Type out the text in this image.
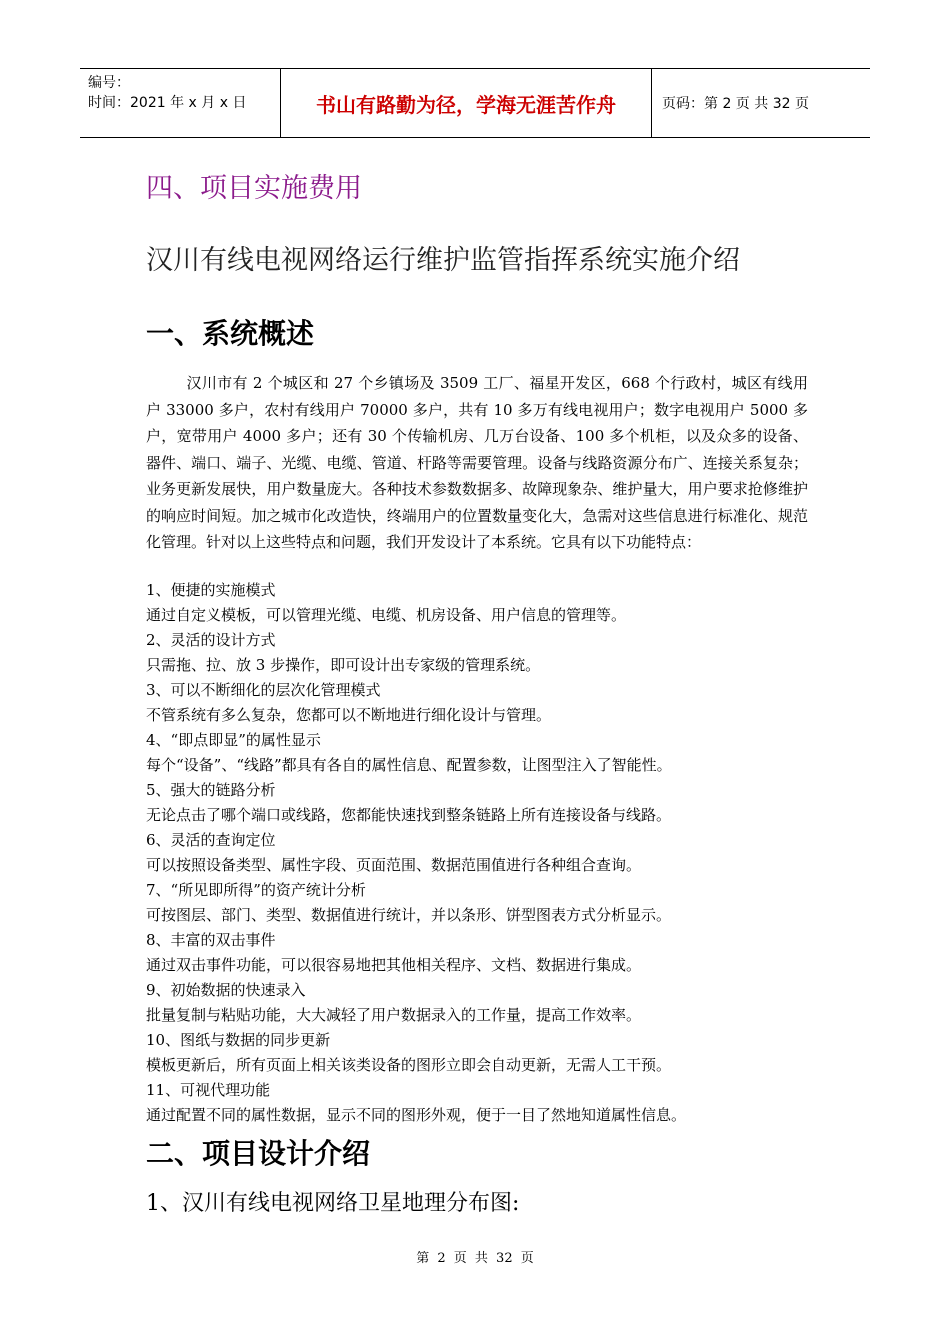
编号：
时间：2021 年 x 月 x 日	书山有路勤为径，学海无涯苦作舟	页码：第 2 页 共 32 页
四、项目实施费用
汉川有线电视网络运行维护监管指挥系统实施介绍
一、系统概述

汉川市有 2 个城区和 27 个乡镇场及 3509 工厂、福星开发区，668 个行政村，城区有线用户 33000 多户，农村有线用户 70000 多户，共有 10 多万有线电视用户；数字电视用户 5000 多户，宽带用户 4000 多户；还有 30 个传输机房、几万台设备、100 多个机柜，以及众多的设备、器件、端口、端子、光缆、电缆、管道、杆路等需要管理。设备与线路资源分布广、连接关系复杂；业务更新发展快，用户数量庞大。各种技术参数数据多、故障现象杂、维护量大，用户要求抢修维护的响应时间短。加之城市化改造快，终端用户的位置数量变化大，急需对这些信息进行标准化、规范化管理。针对以上这些特点和问题，我们开发设计了本系统。它具有以下功能特点：

1、便捷的实施模式
通过自定义模板，可以管理光缆、电缆、机房设备、用户信息的管理等。
2、灵活的设计方式
只需拖、拉、放 3 步操作，即可设计出专家级的管理系统。
3、可以不断细化的层次化管理模式
不管系统有多么复杂，您都可以不断地进行细化设计与管理。
4、“即点即显”的属性显示
每个“设备”、“线路”都具有各自的属性信息、配置参数，让图型注入了智能性。
5、强大的链路分析
无论点击了哪个端口或线路，您都能快速找到整条链路上所有连接设备与线路。
6、灵活的查询定位
可以按照设备类型、属性字段、页面范围、数据范围值进行各种组合查询。
7、“所见即所得”的资产统计分析
可按图层、部门、类型、数据值进行统计，并以条形、饼型图表方式分析显示。
8、丰富的双击事件
通过双击事件功能，可以很容易地把其他相关程序、文档、数据进行集成。
9、初始数据的快速录入
批量复制与粘贴功能，大大减轻了用户数据录入的工作量，提高工作效率。
10、图纸与数据的同步更新
模板更新后，所有页面上相关该类设备的图形立即会自动更新，无需人工干预。
11、可视代理功能
通过配置不同的属性数据，显示不同的图形外观，便于一目了然地知道属性信息。
二、项目设计介绍
1、汉川有线电视网络卫星地理分布图:
第 2 页 共 32 页
